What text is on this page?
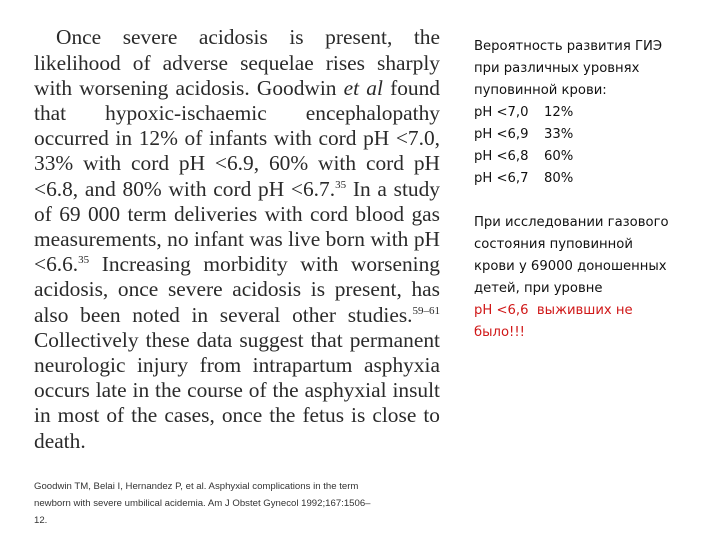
Once severe acidosis is present, the likelihood of adverse sequelae rises sharply with worsening acidosis. Goodwin et al found that hypoxic-ischaemic encephalopathy occurred in 12% of infants with cord pH <7.0, 33% with cord pH <6.9, 60% with cord pH <6.8, and 80% with cord pH <6.7.35 In a study of 69 000 term deliveries with cord blood gas measurements, no infant was live born with pH <6.6.35 Increasing morbidity with worsening acidosis, once severe acidosis is present, has also been noted in several other studies.$^{59-61}$ Collectively these data suggest that permanent neurologic injury from intrapartum asphyxia occurs late in the course of the asphyxial insult in most of the cases, once the fetus is close to death.

Goodwin TM, Belai I, Hernandez P, et al. Asphyxial complications in the term newborn with severe umbilical acidemia. Am J Obstet Gynecol 1992;167:1506–12.

Вероятность развития ГИЭ

при различных уровнях

пуповинной крови:

pH <7,0 12%

pH <6,9 33%

pH <6,8 60%

pH <6,7 80%

При исследовании газового

состояния пуповинной

крови у 69000 доношенных

детей, при уровне

pH <6,6  выживших не

было!!!
